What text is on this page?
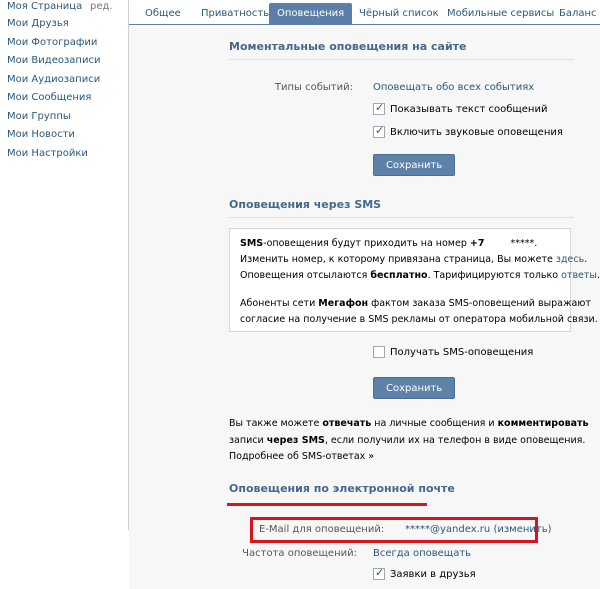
Моя Страница ред.
Мои Друзья
Мои Фотографии
Мои Видеозаписи
Мои Аудиозаписи
Мои Сообщения
Мои Группы
Мои Новости
Мои Настройки
Общее	Приватность Оповещения	Чёрный список Мобильные сервисы Баланс
Моментальные оповещения на сайте
Типы событий: Оповещать обо всех событиях
✓
Показывать текст сообщений
✓
Включить звуковые оповещения
Сохранить
Оповещения через SMS
SMS-оповещения будут приходить на номер +7	*****.
Изменить номер, к которому привязана страница, Вы можете здесь.
Оповещения отсылаются бесплатно. Тарифицируются только ответы.
Абоненты сети Мегафон фактом заказа SMS-оповещений выражают
согласие на получение в SMS рекламы от оператора мобильной связи.
Получать SMS-оповещения
Сохранить
Вы также можете отвечать на личные сообщения и комментировать
записи через SMS, если получили их на телефон в виде оповещения.
Подробнее об SMS-ответах »
Оповещения по электронной почте
E-Mail для оповещений: *****@yandex.ru (изменить)
Частота оповещений: Всегда оповещать
✓
Заявки в друзья
